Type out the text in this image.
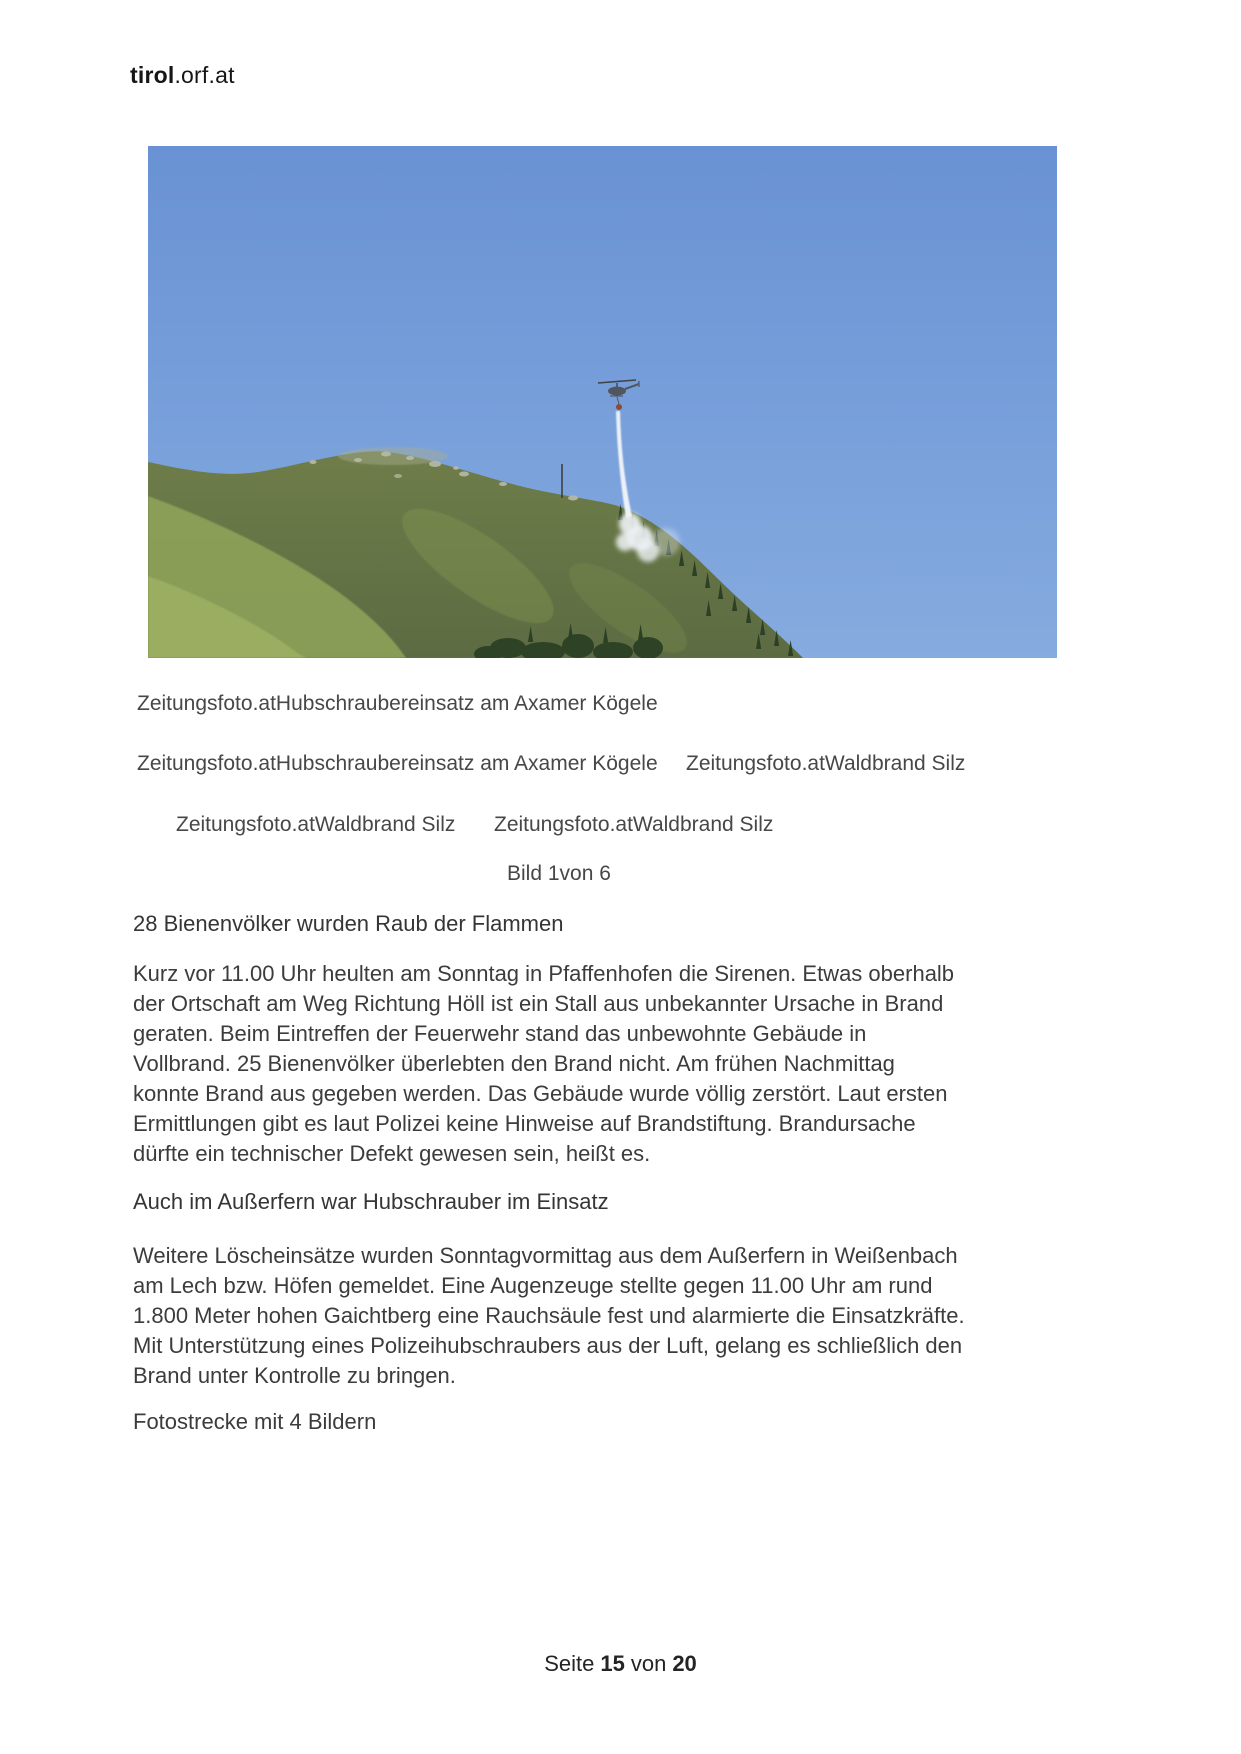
tirol.orf.at
Zeitungsfoto.atHubschraubereinsatz am Axamer Kögele
Zeitungsfoto.atHubschraubereinsatz am Axamer Kögele Zeitungsfoto.atWaldbrand Silz
Zeitungsfoto.atWaldbrand Silz Zeitungsfoto.atWaldbrand Silz
Bild 1von 6
28 Bienenvölker wurden Raub der Flammen
Kurz vor 11.00 Uhr heulten am Sonntag in Pfaffenhofen die Sirenen. Etwas oberhalb
der Ortschaft am Weg Richtung Höll ist ein Stall aus unbekannter Ursache in Brand
geraten. Beim Eintreffen der Feuerwehr stand das unbewohnte Gebäude in
Vollbrand. 25 Bienenvölker überlebten den Brand nicht. Am frühen Nachmittag
konnte Brand aus gegeben werden. Das Gebäude wurde völlig zerstört. Laut ersten
Ermittlungen gibt es laut Polizei keine Hinweise auf Brandstiftung. Brandursache
dürfte ein technischer Defekt gewesen sein, heißt es.
Auch im Außerfern war Hubschrauber im Einsatz
Weitere Löscheinsätze wurden Sonntagvormittag aus dem Außerfern in Weißenbach
am Lech bzw. Höfen gemeldet. Eine Augenzeuge stellte gegen 11.00 Uhr am rund
1.800 Meter hohen Gaichtberg eine Rauchsäule fest und alarmierte die Einsatzkräfte.
Mit Unterstützung eines Polizeihubschraubers aus der Luft, gelang es schließlich den
Brand unter Kontrolle zu bringen.
Fotostrecke mit 4 Bildern
Seite 15 von 20
